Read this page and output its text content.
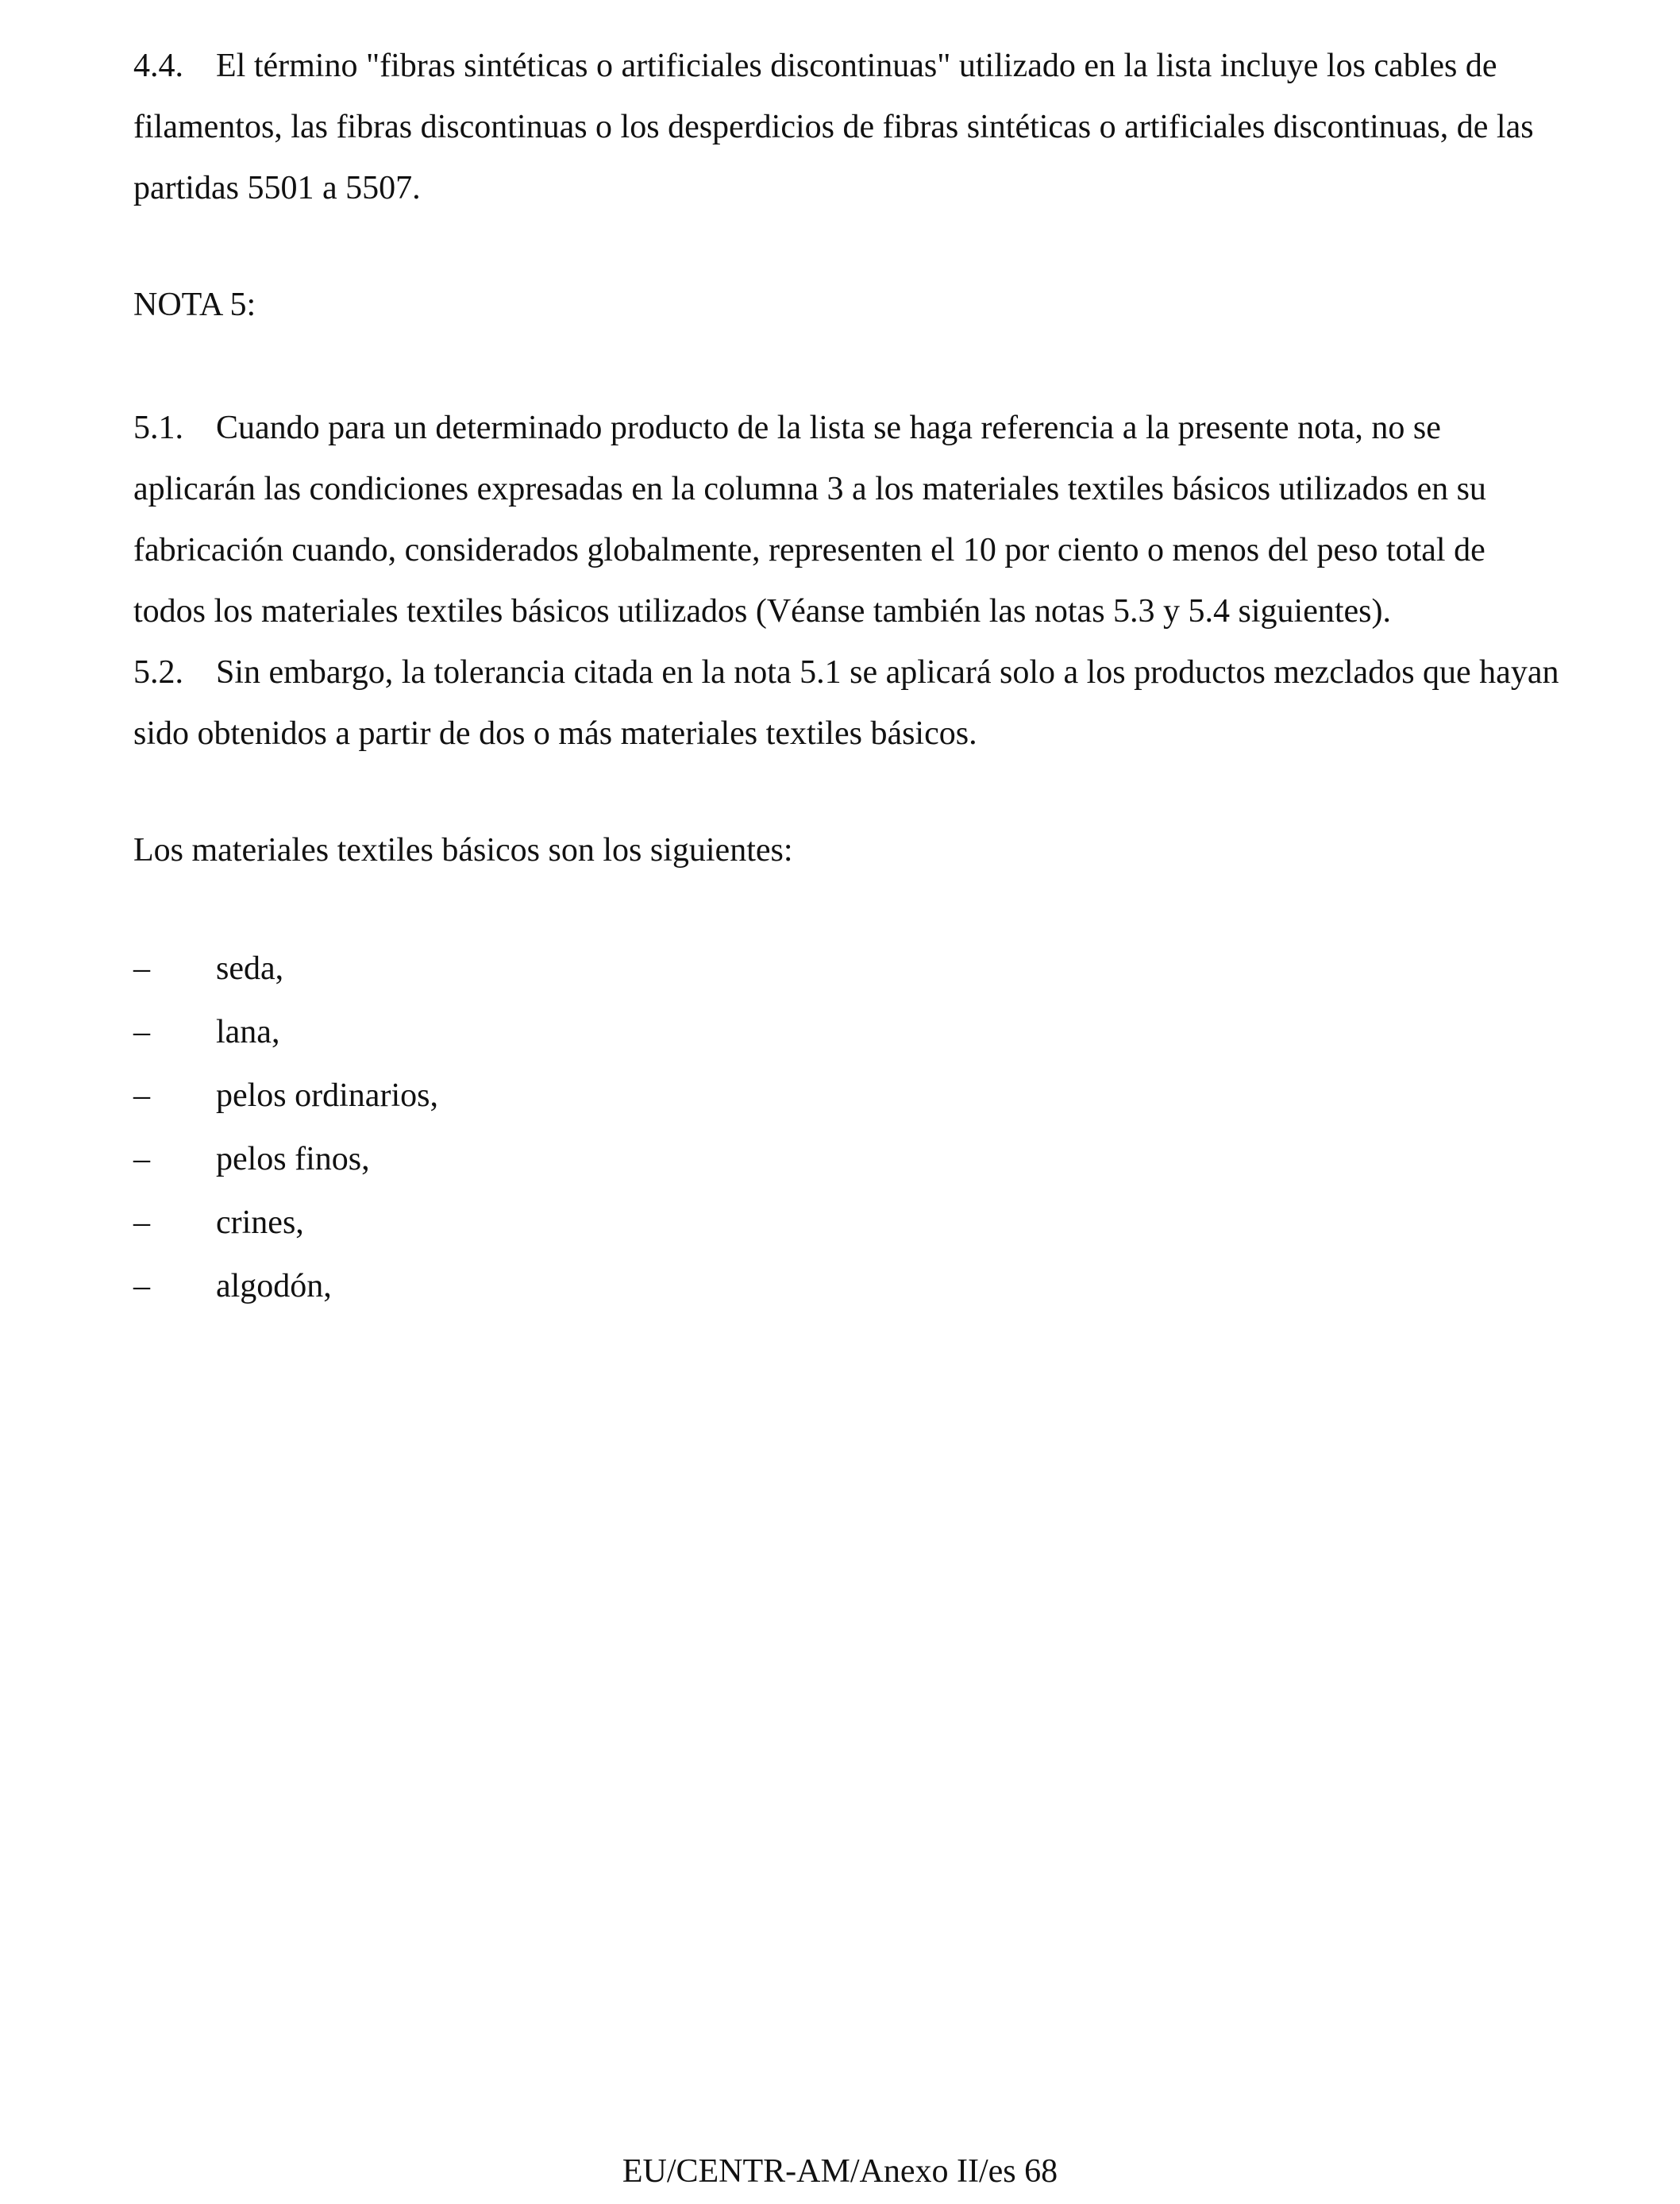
4.4. El término "fibras sintéticas o artificiales discontinuas" utilizado en la lista incluye los cables de filamentos, las fibras discontinuas o los desperdicios de fibras sintéticas o artificiales discontinuas, de las partidas 5501 a 5507.

NOTA 5:

5.1. Cuando para un determinado producto de la lista se haga referencia a la presente nota, no se aplicarán las condiciones expresadas en la columna 3 a los materiales textiles básicos utilizados en su fabricación cuando, considerados globalmente, representen el 10 por ciento o menos del peso total de todos los materiales textiles básicos utilizados (Véanse también las notas 5.3 y 5.4 siguientes).

5.2. Sin embargo, la tolerancia citada en la nota 5.1 se aplicará solo a los productos mezclados que hayan sido obtenidos a partir de dos o más materiales textiles básicos.

Los materiales textiles básicos son los siguientes:

–	seda,
–	lana,
–	pelos ordinarios,
–	pelos finos,
–	crines,
–	algodón,
EU/CENTR-AM/Anexo II/es 68
